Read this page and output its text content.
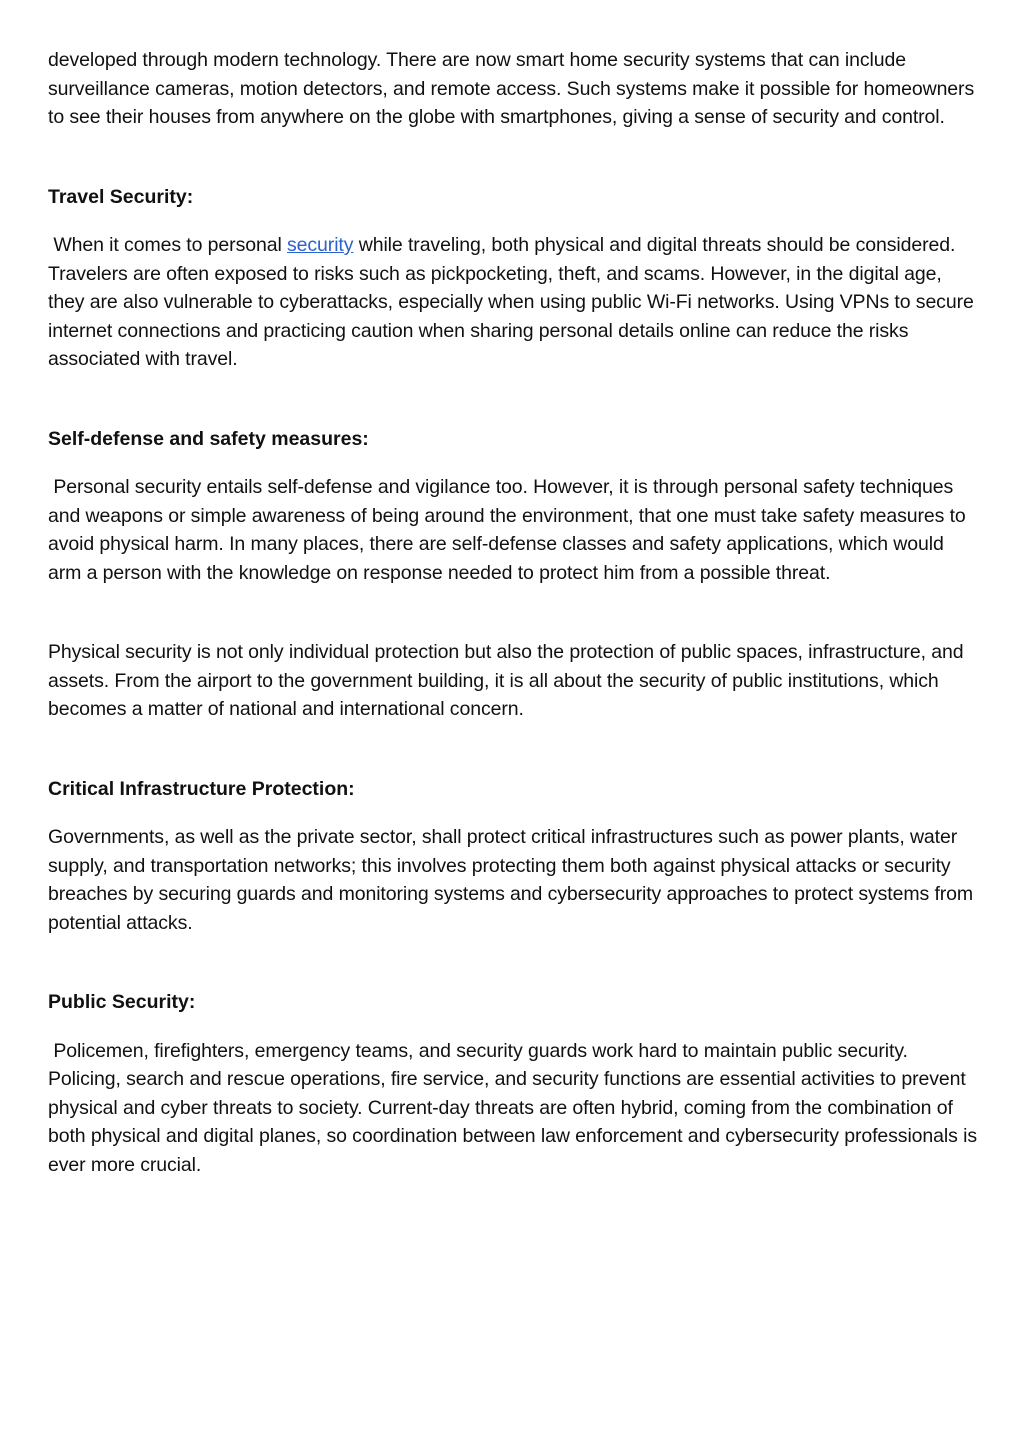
developed through modern technology. There are now smart home security systems that can include surveillance cameras, motion detectors, and remote access. Such systems make it possible for homeowners to see their houses from anywhere on the globe with smartphones, giving a sense of security and control.

Travel Security:

When it comes to personal security while traveling, both physical and digital threats should be considered. Travelers are often exposed to risks such as pickpocketing, theft, and scams. However, in the digital age, they are also vulnerable to cyberattacks, especially when using public Wi-Fi networks. Using VPNs to secure internet connections and practicing caution when sharing personal details online can reduce the risks associated with travel.

Self-defense and safety measures:

Personal security entails self-defense and vigilance too. However, it is through personal safety techniques and weapons or simple awareness of being around the environment, that one must take safety measures to avoid physical harm. In many places, there are self-defense classes and safety applications, which would arm a person with the knowledge on response needed to protect him from a possible threat.

Physical security is not only individual protection but also the protection of public spaces, infrastructure, and assets. From the airport to the government building, it is all about the security of public institutions, which becomes a matter of national and international concern.

Critical Infrastructure Protection:

Governments, as well as the private sector, shall protect critical infrastructures such as power plants, water supply, and transportation networks; this involves protecting them both against physical attacks or security breaches by securing guards and monitoring systems and cybersecurity approaches to protect systems from potential attacks.

Public Security:

Policemen, firefighters, emergency teams, and security guards work hard to maintain public security. Policing, search and rescue operations, fire service, and security functions are essential activities to prevent physical and cyber threats to society. Current-day threats are often hybrid, coming from the combination of both physical and digital planes, so coordination between law enforcement and cybersecurity professionals is ever more crucial.
